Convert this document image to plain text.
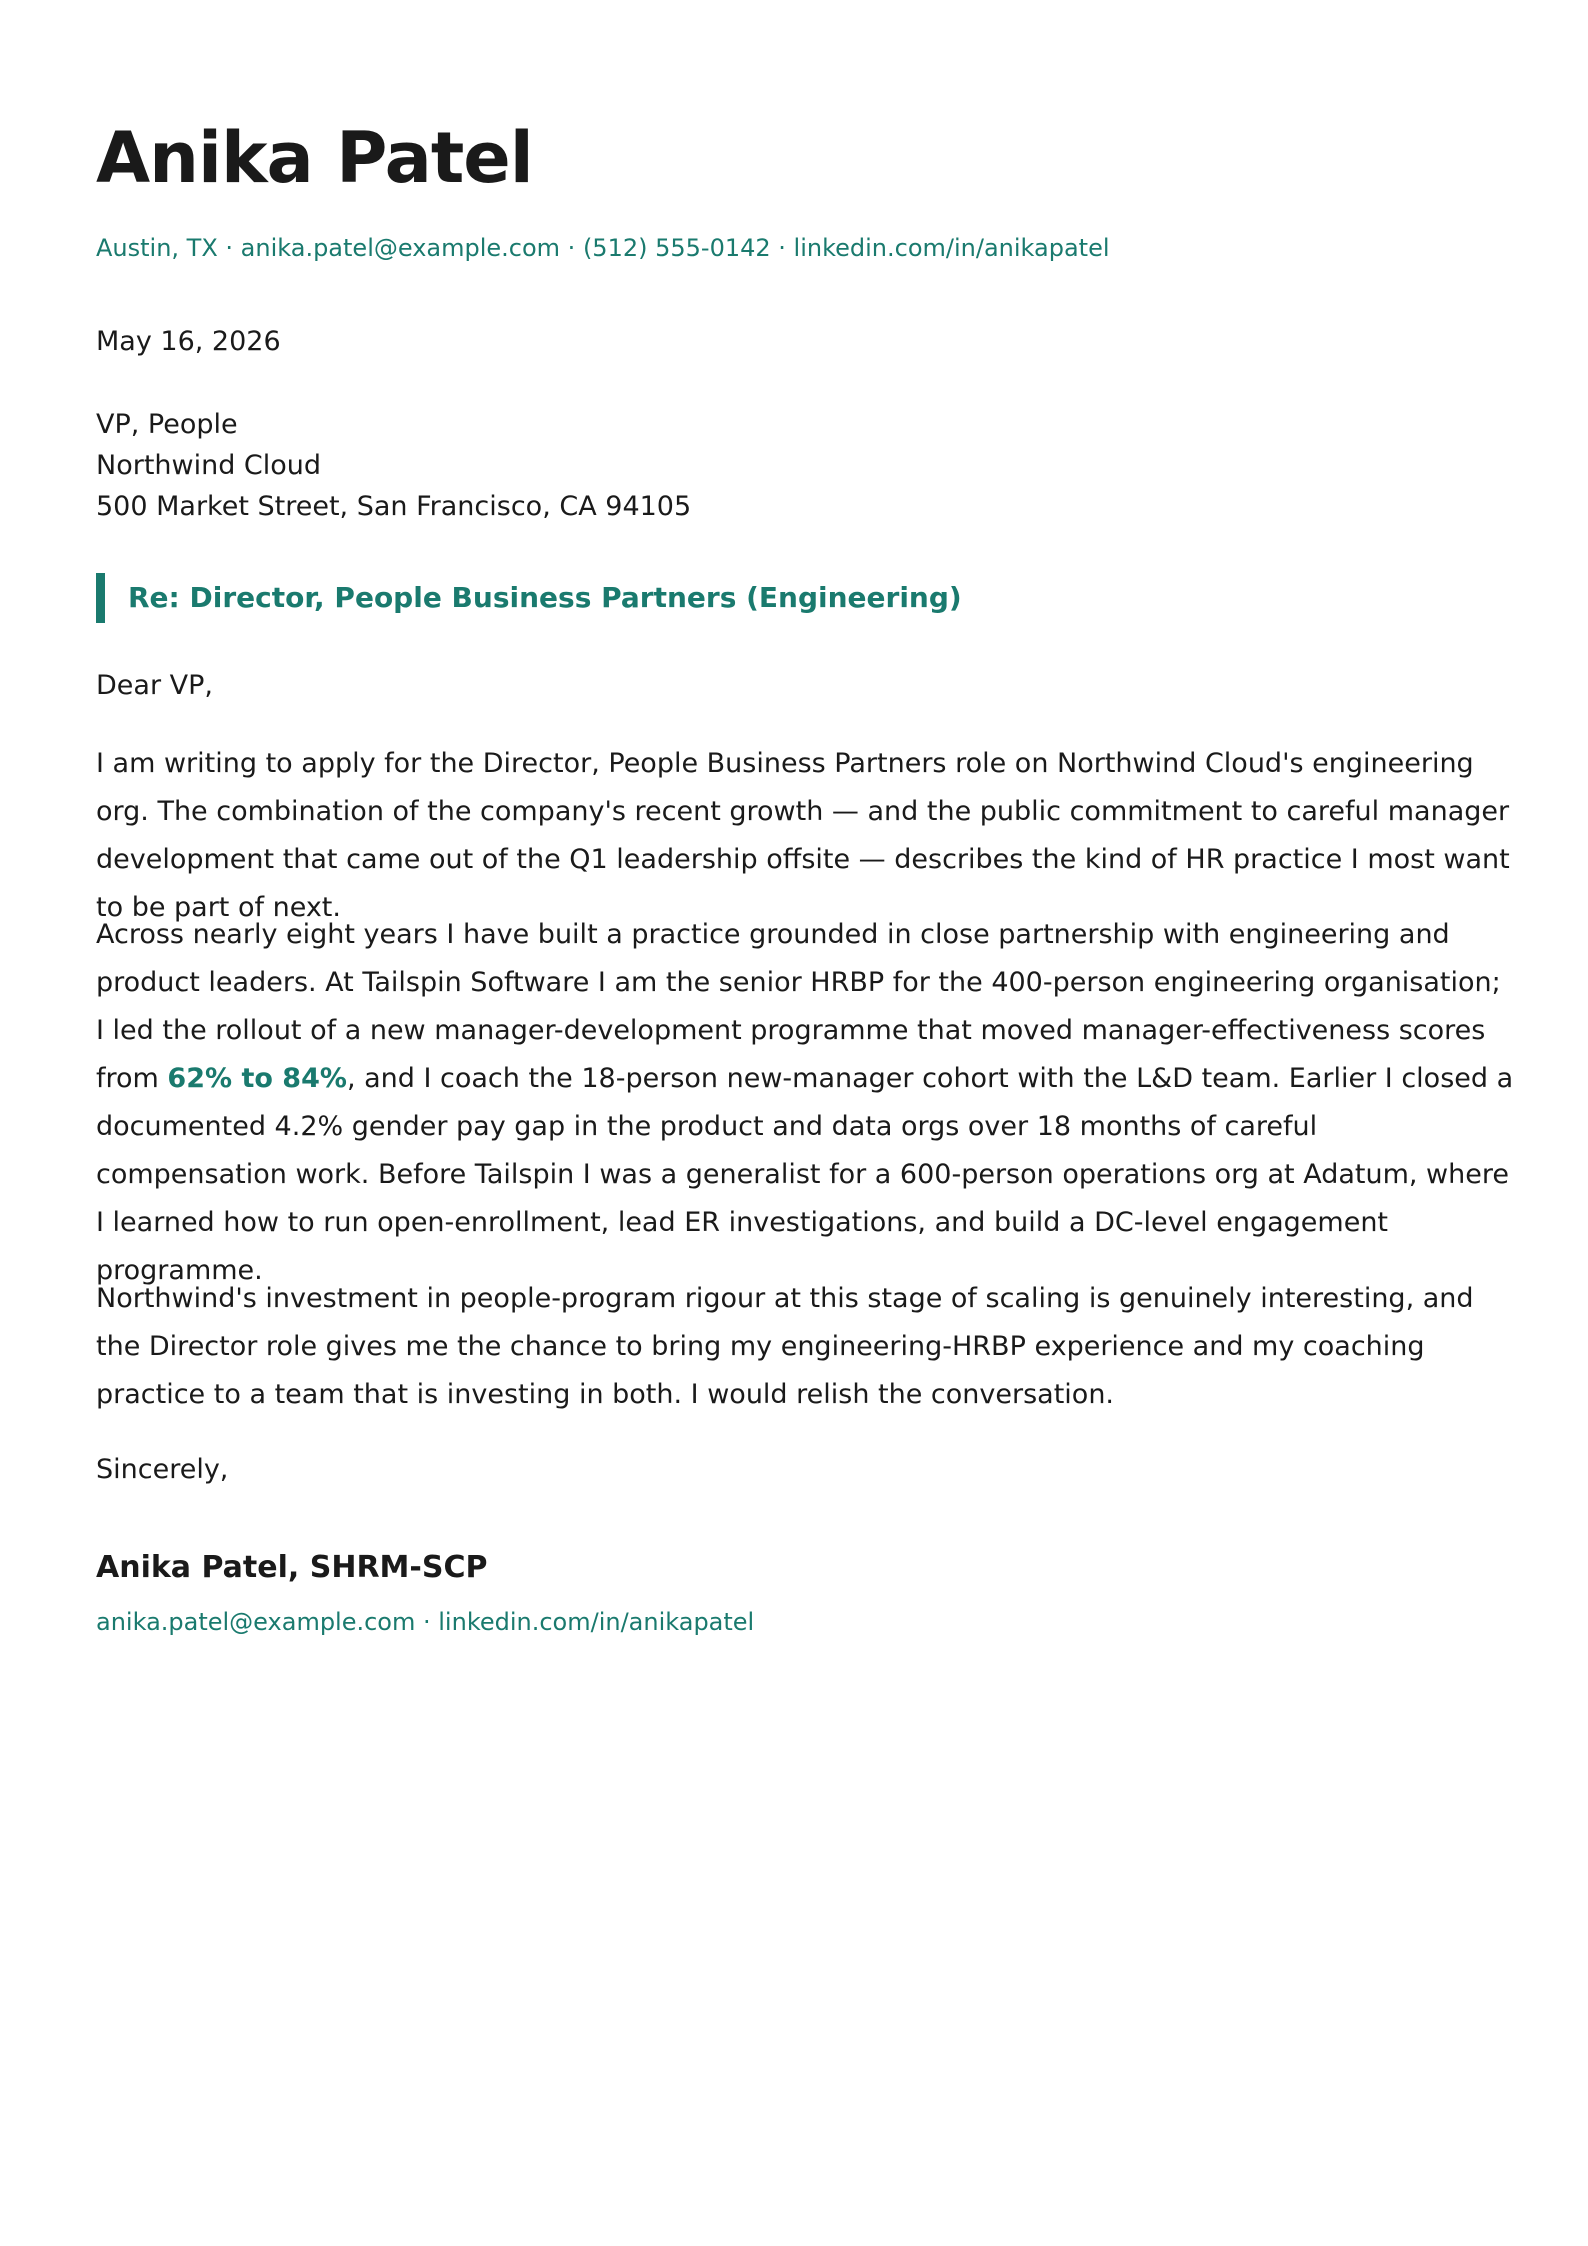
Anika Patel
Austin, TX · anika.patel@example.com · (512) 555-0142 · linkedin.com/in/anikapatel
May 16, 2026
VP, People
Northwind Cloud
500 Market Street, San Francisco, CA 94105
Re: Director, People Business Partners (Engineering)
Dear VP,

I am writing to apply for the Director, People Business Partners role on Northwind Cloud's engineering org. The combination of the company's recent growth — and the public commitment to careful manager development that came out of the Q1 leadership offsite — describes the kind of HR practice I most want to be part of next.

Across nearly eight years I have built a practice grounded in close partnership with engineering and product leaders. At Tailspin Software I am the senior HRBP for the 400-person engineering organisation; I led the rollout of a new manager-development programme that moved manager-effectiveness scores from 62% to 84%, and I coach the 18-person new-manager cohort with the L&D team. Earlier I closed a documented 4.2% gender pay gap in the product and data orgs over 18 months of careful compensation work. Before Tailspin I was a generalist for a 600-person operations org at Adatum, where I learned how to run open-enrollment, lead ER investigations, and build a DC-level engagement programme.

Northwind's investment in people-program rigour at this stage of scaling is genuinely interesting, and the Director role gives me the chance to bring my engineering-HRBP experience and my coaching practice to a team that is investing in both. I would relish the conversation.

Sincerely,
Anika Patel, SHRM-SCP
anika.patel@example.com · linkedin.com/in/anikapatel
